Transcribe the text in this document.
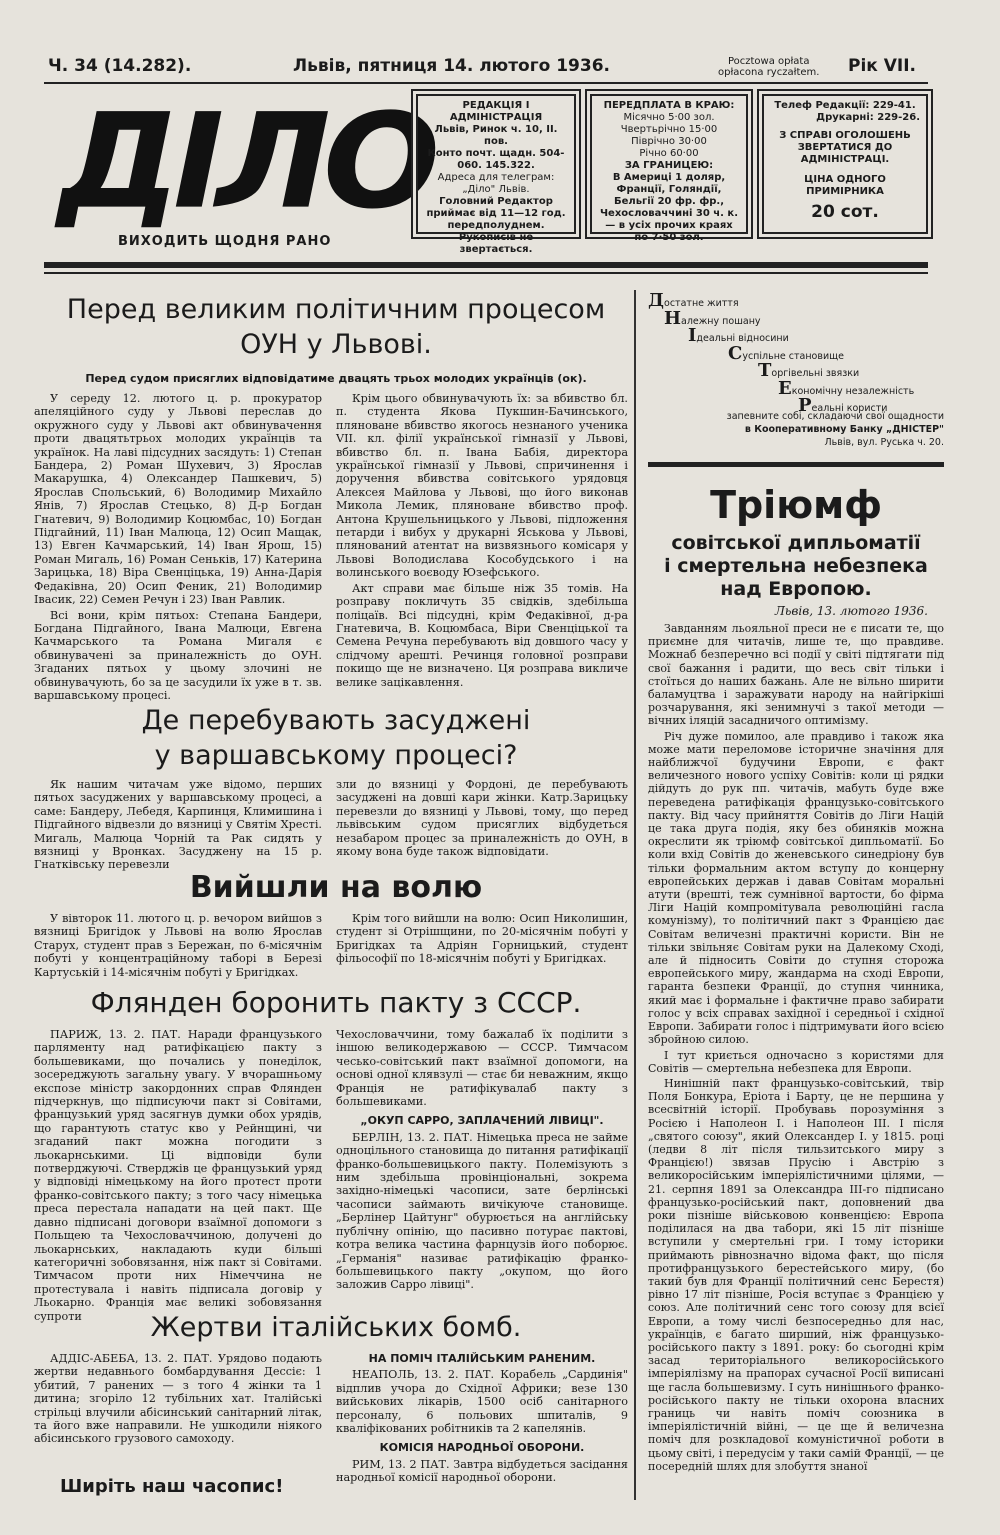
Ч. 34 (14.282).	Львів, пятниця 14. лютого 1936.	Pocztowa opłata
opłacona ryczałtem. Рік VII.
ДІЛО
ВИХОДИТЬ ЩОДНЯ РАНО
РЕДАКЦІЯ І АДМІНІСТРАЦІЯ
Львів, Ринок ч. 10, II. пов.
Конто почт. щадн. 504-060. 145.322.
Адреса для телеграм: „Діло" Львів.
Головний Редактор приймає від 11—12 год. передполуднем.
Рукописів не звертається.
ПЕРЕДПЛАТА В КРАЮ:
Місячно 5·00 зол.
Чвертьрічно 15·00
Піврічно 30·00
Річно 60·00
ЗА ГРАНИЦЕЮ:
В Америці 1 доляр, Франції, Голяндії, Бельгії 20 фр. фр., Чехословаччині 30 ч. к. — в усіх прочих краях по 7·50 зол.
Телеф Редакції: 229-41.
Друкарні: 229-26.
З СПРАВІ ОГОЛОШЕНЬ ЗВЕРТАТИСЯ ДО АДМІНІСТРАЦІ.
ЦІНА ОДНОГО ПРИМІРНИКА
20 сот.
Перед великим політичним процесом
ОУН у Львові.
Перед судом присяглих відповідатиме двацять трьох молодих українців (ок).

У середу 12. лютого ц. р. прокуратор апеляційного суду у Львові переслав до окружного суду у Львові акт обвинувачення проти двацятьтрьох молодих українців та українок. На лаві підсудних засядуть: 1) Степан Бандера, 2) Роман Шухевич, 3) Ярослав Макарушка, 4) Олександер Пашкевич, 5) Ярослав Спольський, 6) Володимир Михайло Янів, 7) Ярослав Стецько, 8) Д-р Богдан Гнатевич, 9) Володимир Коцюмбас, 10) Богдан Підгайний, 11) Іван Малюца, 12) Осип Мащак, 13) Евген Качмарський, 14) Іван Ярош, 15) Роман Мигаль, 16) Роман Сеньків, 17) Катерина Зарицька, 18) Віра Свенціцька, 19) Анна-Дарія Федаківна, 20) Осип Феник, 21) Володимир Івасик, 22) Семен Речун і 23) Іван Равлик.

Всі вони, крім пятьох: Степана Бандери, Богдана Підгайного, Івана Малюци, Евгена Качмарського та Романа Мигаля є обвинувачені за приналежність до ОУН. Згаданих пятьох у цьому злочині не обвинувачують, бо за це засудили їх уже в т. зв. варшавському процесі.

Крім цього обвинувачують їх: за вбивство бл. п. студента Якова Пукшин-Бачинського, пляноване вбивство якогось незнаного ученика VII. кл. філії української гімназії у Львові, вбивство бл. п. Івана Бабія, директора української гімназії у Львові, спричинення і доручення вбивства совітського урядовця Алексея Майлова у Львові, що його виконав Микола Лемик, пляноване вбивство проф. Антона Крушельницького у Львові, підложення петарди і вибух у друкарні Яськова у Львові, плянований атентат на визвязнього комісаря у Львові Володислава Кособудського і на волинського воєводу Юзефського.

Акт справи має більше ніж 35 томів. На розправу покличуть 35 свідків, здебільша поліцаїв. Всі підсудні, крім Федаківної, д-ра Гнатевича, В. Коцюмбаса, Віри Свенціцької та Семена Речуна перебувають від довшого часу у слідчому арешті. Речинця головної розправи покищо ще не визначено. Ця розправа викличе велике зацікавлення.

Де перебувають засуджені
у варшавському процесі?

Як нашим читачам уже відомо, перших пятьох засуджених у варшавському процесі, а саме: Бандеру, Лебедя, Карпинця, Климишина і Підгайного відвезли до вязниці у Святім Хресті. Мигаль, Малюца Чорній та Рак сидять у вязниці у Вронках. Засуджену на 15 р. Гнатківську перевезли

зли до вязниці у Фордоні, де перебувають засуджені на довші кари жінки. Катр.Зарицьку перевезли до вязниці у Львові, тому, що перед львівським судом присяглих відбудеться незабаром процес за приналежність до ОУН, в якому вона буде також відповідати.

Вийшли на волю

У вівторок 11. лютого ц. р. вечором вийшов з вязниці Бригідок у Львові на волю Ярослав Старух, студент прав з Бережан, по 6-місячнім побуті у концентраційному таборі в Березі Картуській і 14-місячнім побуті у Бригідках.

Крім того вийшли на волю: Осип Николишин, студент зі Отрішщини, по 20-місячнім побуті у Бригідках та Адріян Горницький, студент фільософії по 18-місячнім побуті у Бригідках.

Флянден боронить пакту з СССР.

ПАРИЖ, 13. 2. ПАТ. Наради французького парляменту над ратифікацією пакту з большевиками, що почались у понеділок, зосереджують загальну увагу. У вчорашньому експозе міністр закордонних справ Флянден підчеркнув, що підписуючи пакт зі Совітами, французький уряд засягнув думки обох урядів, що гарантують статус кво у Рейнщині, чи згаданий пакт можна погодити з льокарнськими. Ці відповіди були потверджуючі. Стверджів це французький уряд у відповіді німецькому на його протест проти франко-совітського пакту; з того часу німецька преса перестала нападати на цей пакт. Ще давно підписані договори взаїмної допомоги з Польщею та Чехословаччиною, долучені до льокарнських, накладають куди більші категоричні зобовязання, ніж пакт зі Совітами. Тимчасом проти них Німеччина не протестувала і навіть підписала договір у Льокарно. Франція має великі зобовязання супроти

Чехословаччини, тому бажалаб їх поділити з іншою великодержавою — СССР. Тимчасом чесько-совітський пакт взаїмної допомоги, на основі одної клявзулі — стає би неважним, якщо Франція не ратифікувалаб пакту з большевиками.

„ОКУП САРРО, ЗАПЛАЧЕНИЙ ЛІВИЦІ".

БЕРЛІН, 13. 2. ПАТ. Німецька преса не займе одноцільного становища до питання ратифікації франко-большевицького пакту. Полемізують з ним здебільша провінціональні, зокрема західно-німецькі часописи, зате берлінські часописи займають вичікуюче становище. „Берлінер Цайтунг" обурюється на англійську публічну опінію, що пасивно потурає пактові, котра велика частина фарнцузів його поборює. „Германія" називає ратифікацію франко-большевицького пакту „окупом, що його заложив Сарро лівиці".

Жертви італійських бомб.

АДДІС-АБЕБА, 13. 2. ПАТ. Урядово подають жертви недавнього бомбардування Дессіє: 1 убитий, 7 ранених — з того 4 жінки та 1 дитина; згоріло 12 тубільних хат. Італійські стрільці влучили абісинський санітарний літак, та його вже направили. Не ушкодили ніякого абісинського грузового самоходу.

НА ПОМІЧ ІТАЛІЙСЬКИМ РАНЕНИМ.

НЕАПОЛЬ, 13. 2. ПАТ. Корабель „Сардинія" відплив учора до Східної Африки; везе 130 вийськових лікарів, 1500 осіб санітарного персоналу, 6 польових шпиталів, 9 кваліфікованих робітників та 2 капелянів.

КОМІСІЯ НАРОДНЬОЇ ОБОРОНИ.

РИМ, 13. 2 ПАТ. Завтра відбудеться засідання народньої комісії народньої оборони.

Ширіть наш часопис!
Достатне життя
Належну пошану
Ідеальні відносини
Суспільне становище
Торгівельні звязки
Економічну незалежність
Реальні користи
запевните собі, складаючи свої ощадности
в Кооперативному Банку „ДНІСТЕР"
Львів, вул. Руська ч. 20.
Тріюмф
совітської дипльоматії
і смертельна небезпека
над Европою.
Львів, 13. лютого 1936.

Завданням льояльної преси не є писати те, що приємне для читачів, лише те, що правдиве. Можнаб безперечно всі події у світі підтягати під свої бажання і радити, що весь світ тільки і стоїться до наших бажань. Але не вільно ширити баламуцтва і заражувати народу на найгіркіші розчарування, які зенимнучі з такої методи — вічних іляцій засадничого оптимізму.

Річ дуже помилоо, але правдиво і також яка може мати переломове історичне значіння для найближчої будучини Европи, є факт величезного нового успіху Совітів: коли ці рядки дійдуть до рук пп. читачів, мабуть буде вже переведена ратифікація французько-совітського пакту. Від часу прийняття Совітів до Ліги Націй це така друга подія, яку без обиняків можна окреслити як тріюмф совітської дипльоматії. Бо коли вхід Совітів до женевського синедріону був тільки формальним актом вступу до концерну европейських держав і давав Совітам моральні атути (врешті, теж сумнівної вартости, бо фірма Ліги Націй компромітувала революційні гасла комунізму), то політичний пакт з Францією дає Совітам величезні практичні користи. Він не тільки звільняє Совітам руки на Далекому Сході, але й підносить Совіти до ступня сторожа европейського миру, жандарма на сході Европи, гаранта безпеки Франції, до ступня чинника, який має і формальне і фактичне право забирати голос у всіх справах західної і середньої і східної Европи. Забирати голос і підтримувати його всією збройною силою.

І тут криється одночасно з користями для Совітів — смертельна небезпека для Европи.

Нинішній пакт французько-совітський, твір Поля Бонкура, Еріота і Барту, це не першина у всесвітній історії. Пробувавь порозуміння з Росією і Наполеон І. і Наполеон III. І після „святого союзу", який Олександер І. у 1815. році (ледви 8 літ після тильзитського миру з Францією!) звязав Прусію і Австрію з великоросійським імперіялістичними цілями, — 21. серпня 1891 за Олександра III-го підписано французько-російський пакт, доповнений два роки пізніше військовою конвенцією: Европа поділилася на два табори, які 15 літ пізніше вступили у смертельні гри. І тому історики приймають рівнозначно відома факт, що після протифранцузького берестейського миру, (бо такий був для Франції політичний сенс Берестя) рівно 17 літ пізніше, Росія вступає з Францією у союз. Але політичний сенс того союзу для всієї Европи, а тому числі безпосередньо для нас, українців, є багато ширший, ніж французько-російського пакту з 1891. року: бо сьогодні крім засад територіального великоросійського імперіялізму на прапорах сучасної Росії виписані ще гасла большевизму. І суть нинішнього франко-російського пакту не тільки охорона власних границь чи навіть поміч союзника в імперіялістичній війні, — це ще й величезна поміч для розкладової комуністичної роботи в цьому світі, і передусім у таки самій Франції, — це посередній шлях для злобуття знаної
